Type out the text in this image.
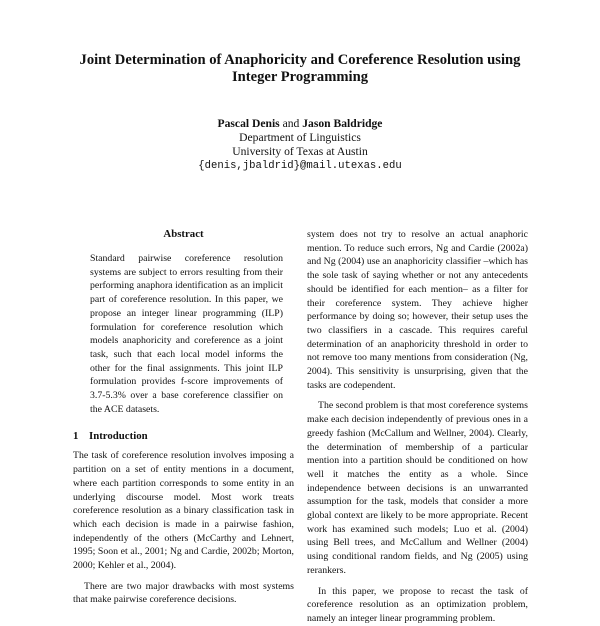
Joint Determination of Anaphoricity and Coreference Resolution using
Integer Programming
Pascal Denis and Jason Baldridge
Department of Linguistics
University of Texas at Austin
{denis,jbaldrid}@mail.utexas.edu
Abstract

Standard pairwise coreference resolution systems are subject to errors resulting from their performing anaphora identification as an implicit part of coreference resolution. In this paper, we propose an integer linear programming (ILP) formulation for coreference resolution which models anaphoricity and coreference as a joint task, such that each local model informs the other for the final assignments. This joint ILP formulation provides f-score improvements of 3.7-5.3% over a base coreference classifier on the ACE datasets.

1 Introduction

The task of coreference resolution involves imposing a partition on a set of entity mentions in a document, where each partition corresponds to some entity in an underlying discourse model. Most work treats coreference resolution as a binary classification task in which each decision is made in a pairwise fashion, independently of the others (McCarthy and Lehnert, 1995; Soon et al., 2001; Ng and Cardie, 2002b; Morton, 2000; Kehler et al., 2004).

There are two major drawbacks with most systems that make pairwise coreference decisions.

system does not try to resolve an actual anaphoric mention. To reduce such errors, Ng and Cardie (2002a) and Ng (2004) use an anaphoricity classifier –which has the sole task of saying whether or not any antecedents should be identified for each mention– as a filter for their coreference system. They achieve higher performance by doing so; however, their setup uses the two classifiers in a cascade. This requires careful determination of an anaphoricity threshold in order to not remove too many mentions from consideration (Ng, 2004). This sensitivity is unsurprising, given that the tasks are codependent.

The second problem is that most coreference systems make each decision independently of previous ones in a greedy fashion (McCallum and Wellner, 2004). Clearly, the determination of membership of a particular mention into a partition should be conditioned on how well it matches the entity as a whole. Since independence between decisions is an unwarranted assumption for the task, models that consider a more global context are likely to be more appropriate. Recent work has examined such models; Luo et al. (2004) using Bell trees, and McCallum and Wellner (2004) using conditional random fields, and Ng (2005) using rerankers.

In this paper, we propose to recast the task of coreference resolution as an optimization problem, namely an integer linear programming problem.
